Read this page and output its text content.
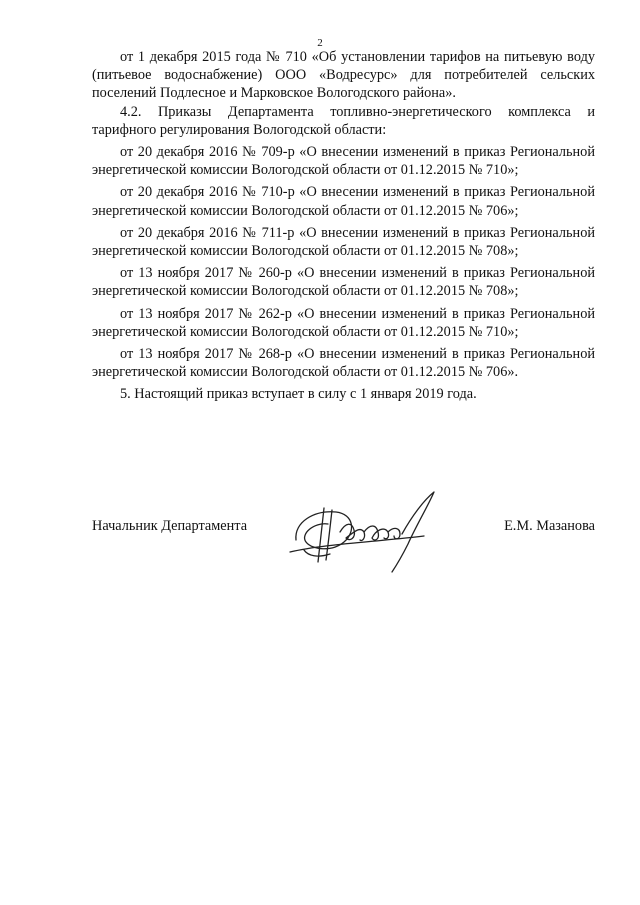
2

от 1 декабря 2015 года № 710 «Об установлении тарифов на питьевую воду (питьевое водоснабжение) ООО «Водресурс» для потребителей сельских поселений Подлесное и Марковское Вологодского района».

4.2. Приказы Департамента топливно-энергетического комплекса и тарифного регулирования Вологодской области:

от 20 декабря 2016 № 709-р «О внесении изменений в приказ Региональной энергетической комиссии Вологодской области от 01.12.2015 № 710»;

от 20 декабря 2016 № 710-р «О внесении изменений в приказ Региональной энергетической комиссии Вологодской области от 01.12.2015 № 706»;

от 20 декабря 2016 № 711-р «О внесении изменений в приказ Региональной энергетической комиссии Вологодской области от 01.12.2015 № 708»;

от 13 ноября 2017 № 260-р «О внесении изменений в приказ Региональной энергетической комиссии Вологодской области от 01.12.2015 № 708»;

от 13 ноября 2017 № 262-р «О внесении изменений в приказ Региональной энергетической комиссии Вологодской области от 01.12.2015 № 710»;

от 13 ноября 2017 № 268-р «О внесении изменений в приказ Региональной энергетической комиссии Вологодской области от 01.12.2015 № 706».

5. Настоящий приказ вступает в силу с 1 января 2019 года.

Начальник Департамента	Е.М. Мазанова
